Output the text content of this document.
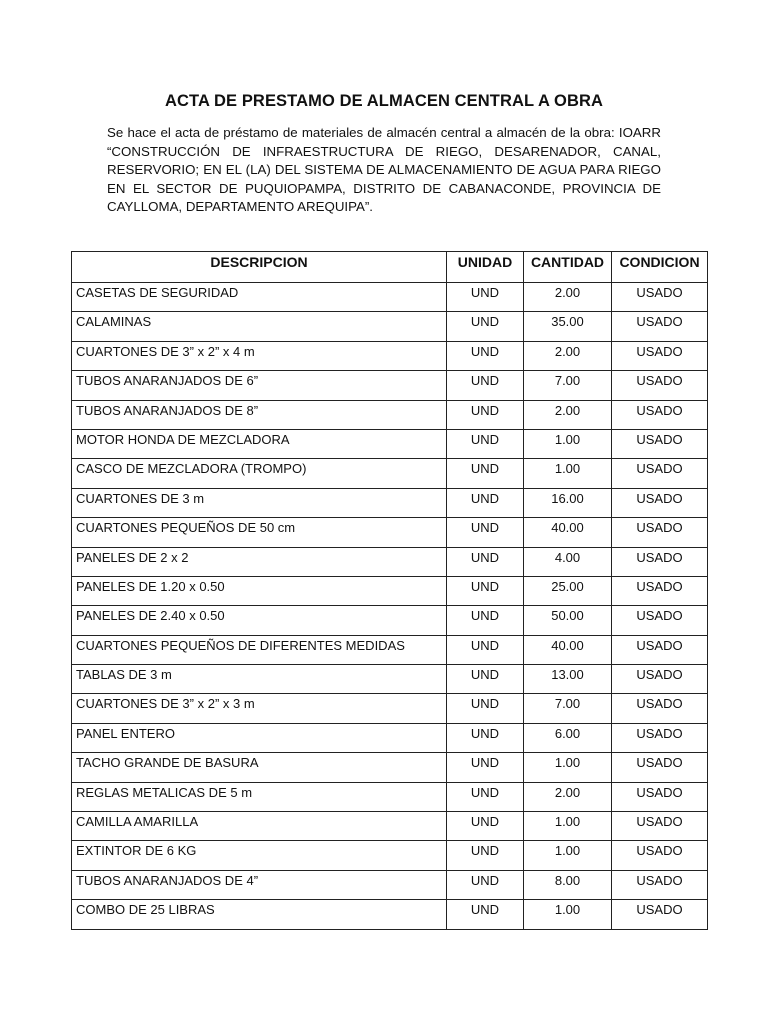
ACTA DE PRESTAMO DE ALMACEN CENTRAL A OBRA

Se hace el acta de préstamo de materiales de almacén central a almacén de la obra: IOARR “CONSTRUCCIÓN DE INFRAESTRUCTURA DE RIEGO, DESARENADOR, CANAL, RESERVORIO; EN EL (LA) DEL SISTEMA DE ALMACENAMIENTO DE AGUA PARA RIEGO EN EL SECTOR DE PUQUIOPAMPA, DISTRITO DE CABANACONDE, PROVINCIA DE CAYLLOMA, DEPARTAMENTO AREQUIPA”.

DESCRIPCION	UNIDAD	CANTIDAD	CONDICION
CASETAS DE SEGURIDAD	UND	2.00	USADO
CALAMINAS	UND	35.00	USADO
CUARTONES DE 3” x 2” x 4 m	UND	2.00	USADO
TUBOS ANARANJADOS DE 6”	UND	7.00	USADO
TUBOS ANARANJADOS DE 8”	UND	2.00	USADO
MOTOR HONDA DE MEZCLADORA	UND	1.00	USADO
CASCO DE MEZCLADORA (TROMPO)	UND	1.00	USADO
CUARTONES DE 3 m	UND	16.00	USADO
CUARTONES PEQUEÑOS DE 50 cm	UND	40.00	USADO
PANELES DE 2 x 2	UND	4.00	USADO
PANELES DE 1.20 x 0.50	UND	25.00	USADO
PANELES DE 2.40 x 0.50	UND	50.00	USADO
CUARTONES PEQUEÑOS DE DIFERENTES MEDIDAS	UND	40.00	USADO
TABLAS DE 3 m	UND	13.00	USADO
CUARTONES DE 3” x 2” x 3 m	UND	7.00	USADO
PANEL ENTERO	UND	6.00	USADO
TACHO GRANDE DE BASURA	UND	1.00	USADO
REGLAS METALICAS DE 5 m	UND	2.00	USADO
CAMILLA AMARILLA	UND	1.00	USADO
EXTINTOR DE 6 KG	UND	1.00	USADO
TUBOS ANARANJADOS DE 4”	UND	8.00	USADO
COMBO DE 25 LIBRAS	UND	1.00	USADO
